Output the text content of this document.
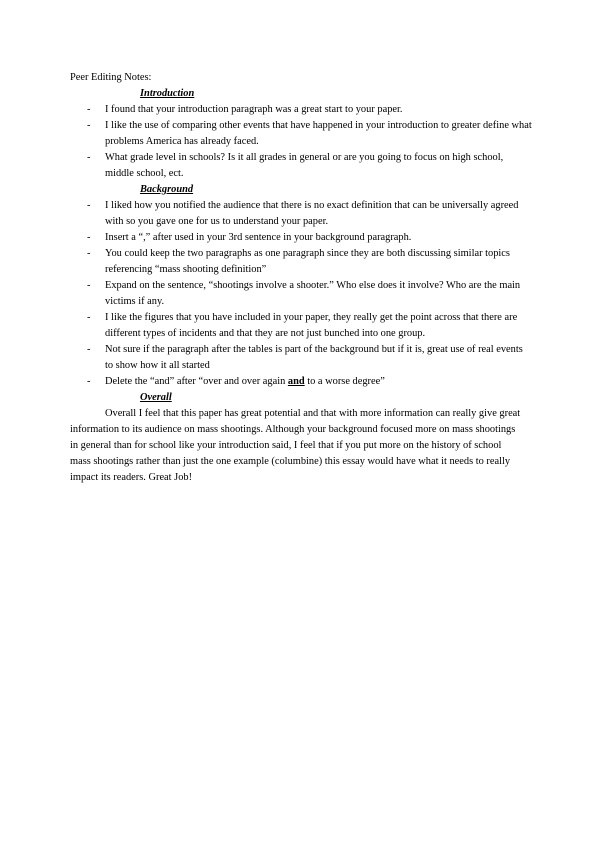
Peer Editing Notes:
Introduction
- I found that your introduction paragraph was a great start to your paper.
- I like the use of comparing other events that have happened in your introduction to greater define what problems America has already faced.
- What grade level in schools? Is it all grades in general or are you going to focus on high school, middle school, ect.
Background
- I liked how you notified the audience that there is no exact definition that can be universally agreed with so you gave one for us to understand your paper.
- Insert a “,” after used in your 3rd sentence in your background paragraph.
- You could keep the two paragraphs as one paragraph since they are both discussing similar topics referencing “mass shooting definition”
- Expand on the sentence, “shootings involve a shooter.” Who else does it involve? Who are the main victims if any.
- I like the figures that you have included in your paper, they really get the point across that there are different types of incidents and that they are not just bunched into one group.
- Not sure if the paragraph after the tables is part of the background but if it is, great use of real events to show how it all started
- Delete the “and” after “over and over again and to a worse degree”
Overall
Overall I feel that this paper has great potential and that with more information can really give great information to its audience on mass shootings. Although your background focused more on mass shootings in general than for school like your introduction said, I feel that if you put more on the history of school mass shootings rather than just the one example (columbine) this essay would have what it needs to really impact its readers. Great Job!
